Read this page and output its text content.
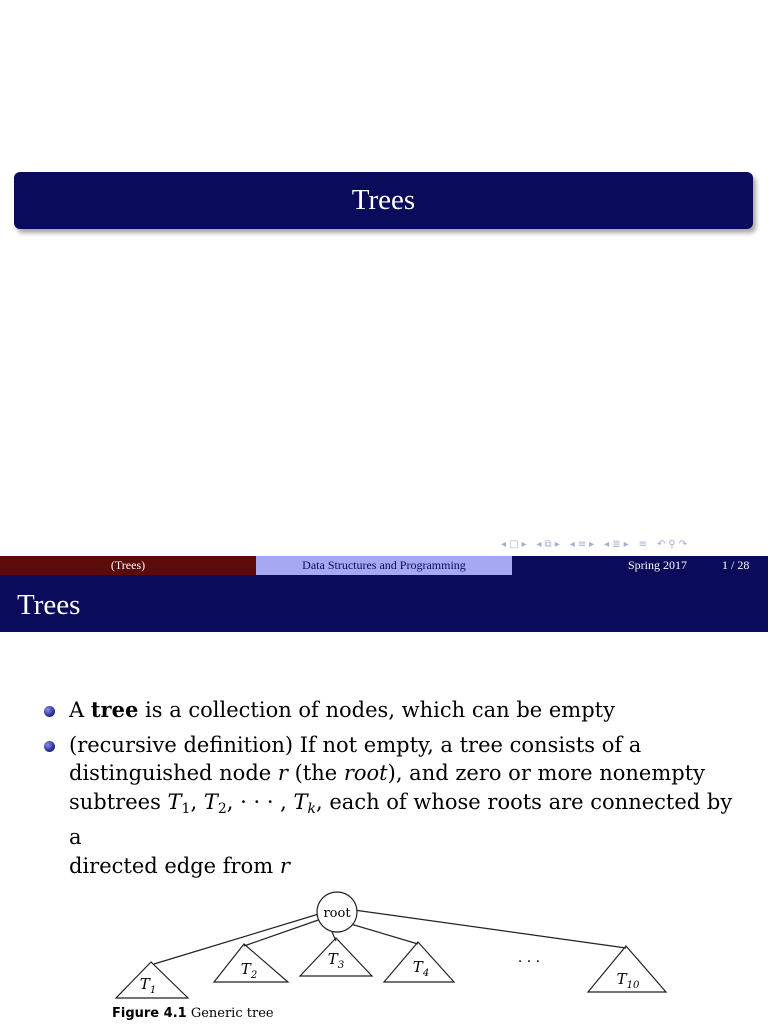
Trees
◂ □ ▸ ◂ ⧉ ▸ ◂ ≡ ▸ ◂ ≣ ▸ ≡ ↶ ⚲ ↷
(Trees)	Data Structures and Programming	Spring 2017	1 / 28
Trees
A tree is a collection of nodes, which can be empty
(recursive definition) If not empty, a tree consists of a
distinguished node r (the root), and zero or more nonempty
subtrees $T_1$, $T_2$, · · · , $T_k$, each of whose roots are connected by a
directed edge from r
root
$T_1$
$T_2$
$T_3$	$T_4$
· · ·
$T_{10}$
Figure 4.1 Generic tree
